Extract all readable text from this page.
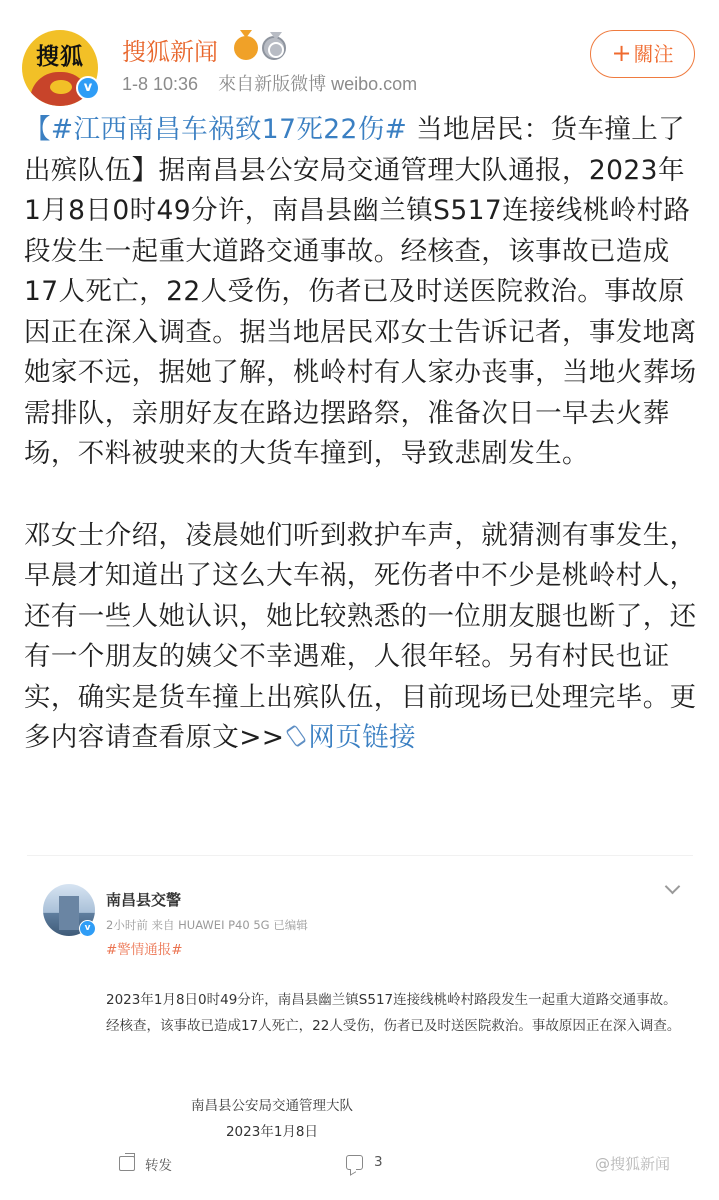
搜狐
v
搜狐新闻
1-8 10:36 來自新版微博 weibo.com
+ 關注

【#江西南昌车祸致17死22伤# 当地居民：货车撞上了出殡队伍】据南昌县公安局交通管理大队通报，2023年1月8日0时49分许，南昌县幽兰镇S517连接线桃岭村路段发生一起重大道路交通事故。经核查，该事故已造成17人死亡，22人受伤，伤者已及时送医院救治。事故原因正在深入调查。据当地居民邓女士告诉记者，事发地离她家不远，据她了解，桃岭村有人家办丧事，当地火葬场需排队，亲朋好友在路边摆路祭，准备次日一早去火葬场，不料被驶来的大货车撞到，导致悲剧发生。

邓女士介绍，凌晨她们听到救护车声，就猜测有事发生，早晨才知道出了这么大车祸，死伤者中不少是桃岭村人，还有一些人她认识，她比较熟悉的一位朋友腿也断了，还有一个朋友的姨父不幸遇难，人很年轻。另有村民也证实，确实是货车撞上出殡队伍，目前现场已处理完毕。更多内容请查看原文>> 网页链接

v
南昌县交警
2小时前 来自 HUAWEI P40 5G 已编辑
#警情通报#
2023年1月8日0时49分许，南昌县幽兰镇S517连接线桃岭村路段发生一起重大道路交通事故。经核查，该事故已造成17人死亡，22人受伤，伤者已及时送医院救治。事故原因正在深入调查。
南昌县公安局交通管理大队
2023年1月8日
转发	3	@搜狐新闻
